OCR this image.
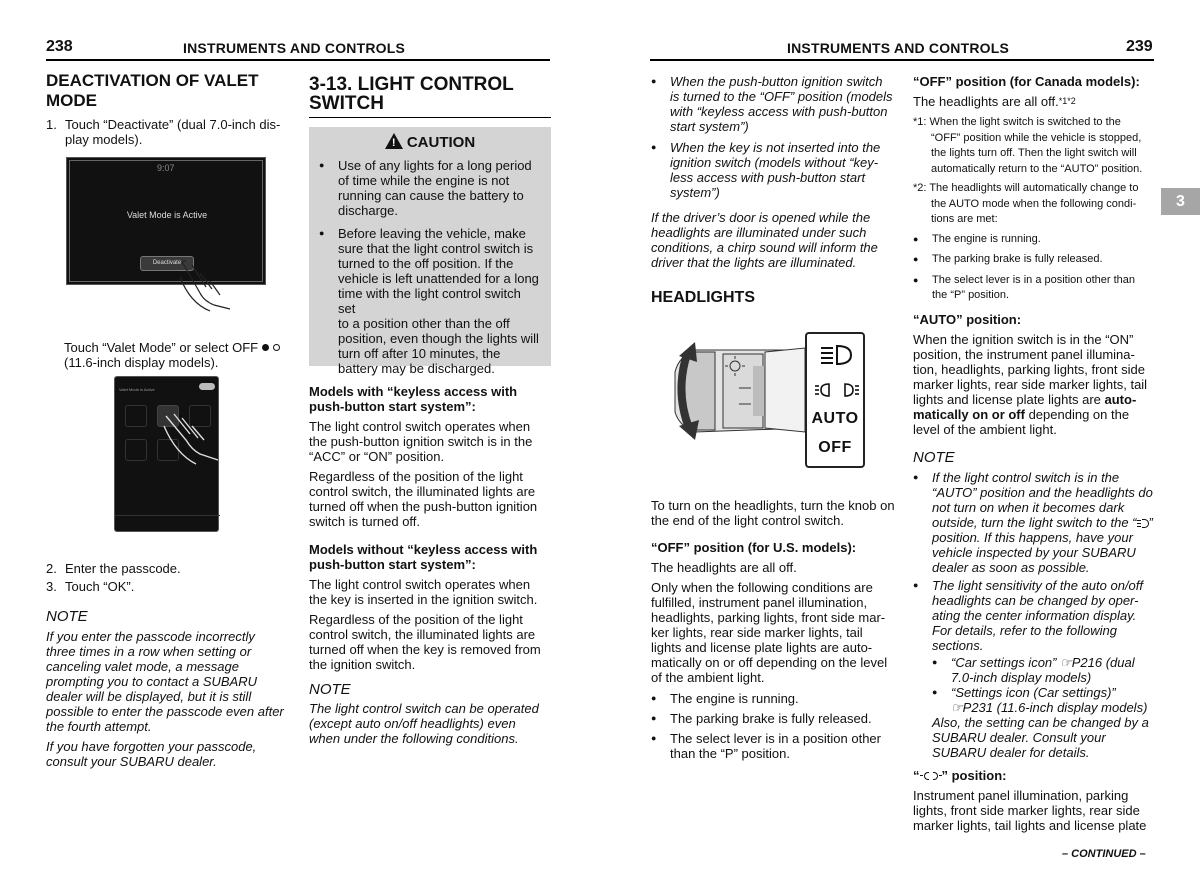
238	INSTRUMENTS AND CONTROLS
DEACTIVATION OF VALET
MODE
1. Touch “Deactivate” (dual 7.0-inch dis-
play models).
9:07
Valet Mode is Active
Deactivate
Touch “Valet Mode” or select OFF
(11.6-inch display models).
Valet Mode is Active
2. Enter the passcode.
3. Touch “OK”.
NOTE
If you enter the passcode incorrectly
three times in a row when setting or
canceling valet mode, a message
prompting you to contact a SUBARU
dealer will be displayed, but it is still
possible to enter the passcode even after
the fourth attempt.
If you have forgotten your passcode,
consult your SUBARU dealer.
3-13. LIGHT CONTROL
SWITCH
! CAUTION
● Use of any lights for a long period
of time while the engine is not
running can cause the battery to
discharge.
● Before leaving the vehicle, make
sure that the light control switch is
turned to the off position. If the
vehicle is left unattended for a long
time with the light control switch set
to a position other than the off
position, even though the lights will
turn off after 10 minutes, the
battery may be discharged.
Models with “keyless access with
push-button start system”:
The light control switch operates when
the push-button ignition switch is in the
“ACC” or “ON” position.
Regardless of the position of the light
control switch, the illuminated lights are
turned off when the push-button ignition
switch is turned off.
Models without “keyless access with
push-button start system”:
The light control switch operates when
the key is inserted in the ignition switch.
Regardless of the position of the light
control switch, the illuminated lights are
turned off when the key is removed from
the ignition switch.
NOTE
The light control switch can be operated
(except auto on/off headlights) even
when under the following conditions.
INSTRUMENTS AND CONTROLS	239
3
● When the push-button ignition switch
is turned to the “OFF” position (models
with “keyless access with push-button
start system”)
● When the key is not inserted into the
ignition switch (models without “key-
less access with push-button start
system”)
If the driver’s door is opened while the
headlights are illuminated under such
conditions, a chirp sound will inform the
driver that the lights are illuminated.
HEADLIGHTS
AUTO
OFF
To turn on the headlights, turn the knob on
the end of the light control switch.
“OFF” position (for U.S. models):
The headlights are all off.
Only when the following conditions are
fulfilled, instrument panel illumination,
headlights, parking lights, front side mar-
ker lights, rear side marker lights, tail
lights and license plate lights are auto-
matically on or off depending on the level
of the ambient light.
● The engine is running.
● The parking brake is fully released.
● The select lever is in a position other
than the “P” position.
“OFF” position (for Canada models):
The headlights are all off.*1*2
*1: When the light switch is switched to the
“OFF” position while the vehicle is stopped,
the lights turn off. Then the light switch will
automatically return to the “AUTO” position.
*2: The headlights will automatically change to
the AUTO mode when the following condi-
tions are met:
● The engine is running.
● The parking brake is fully released.
● The select lever is in a position other than
the “P” position.
“AUTO” position:
When the ignition switch is in the “ON”
position, the instrument panel illumina-
tion, headlights, parking lights, front side
marker lights, rear side marker lights, tail
lights and license plate lights are auto-
matically on or off depending on the
level of the ambient light.
NOTE
● If the light control switch is in the
“AUTO” position and the headlights do
not turn on when it becomes dark
outside, turn the light switch to the “ ”
position. If this happens, have your
vehicle inspected by your SUBARU
dealer as soon as possible.
● The light sensitivity of the auto on/off
headlights can be changed by oper-
ating the center information display.
For details, refer to the following
sections.
● “Car settings icon” ☞P216 (dual
7.0-inch display models)
● “Settings icon (Car settings)”
☞P231 (11.6-inch display models)
Also, the setting can be changed by a
SUBARU dealer. Consult your
SUBARU dealer for details.
“ ” position:
Instrument panel illumination, parking
lights, front side marker lights, rear side
marker lights, tail lights and license plate
– CONTINUED –
